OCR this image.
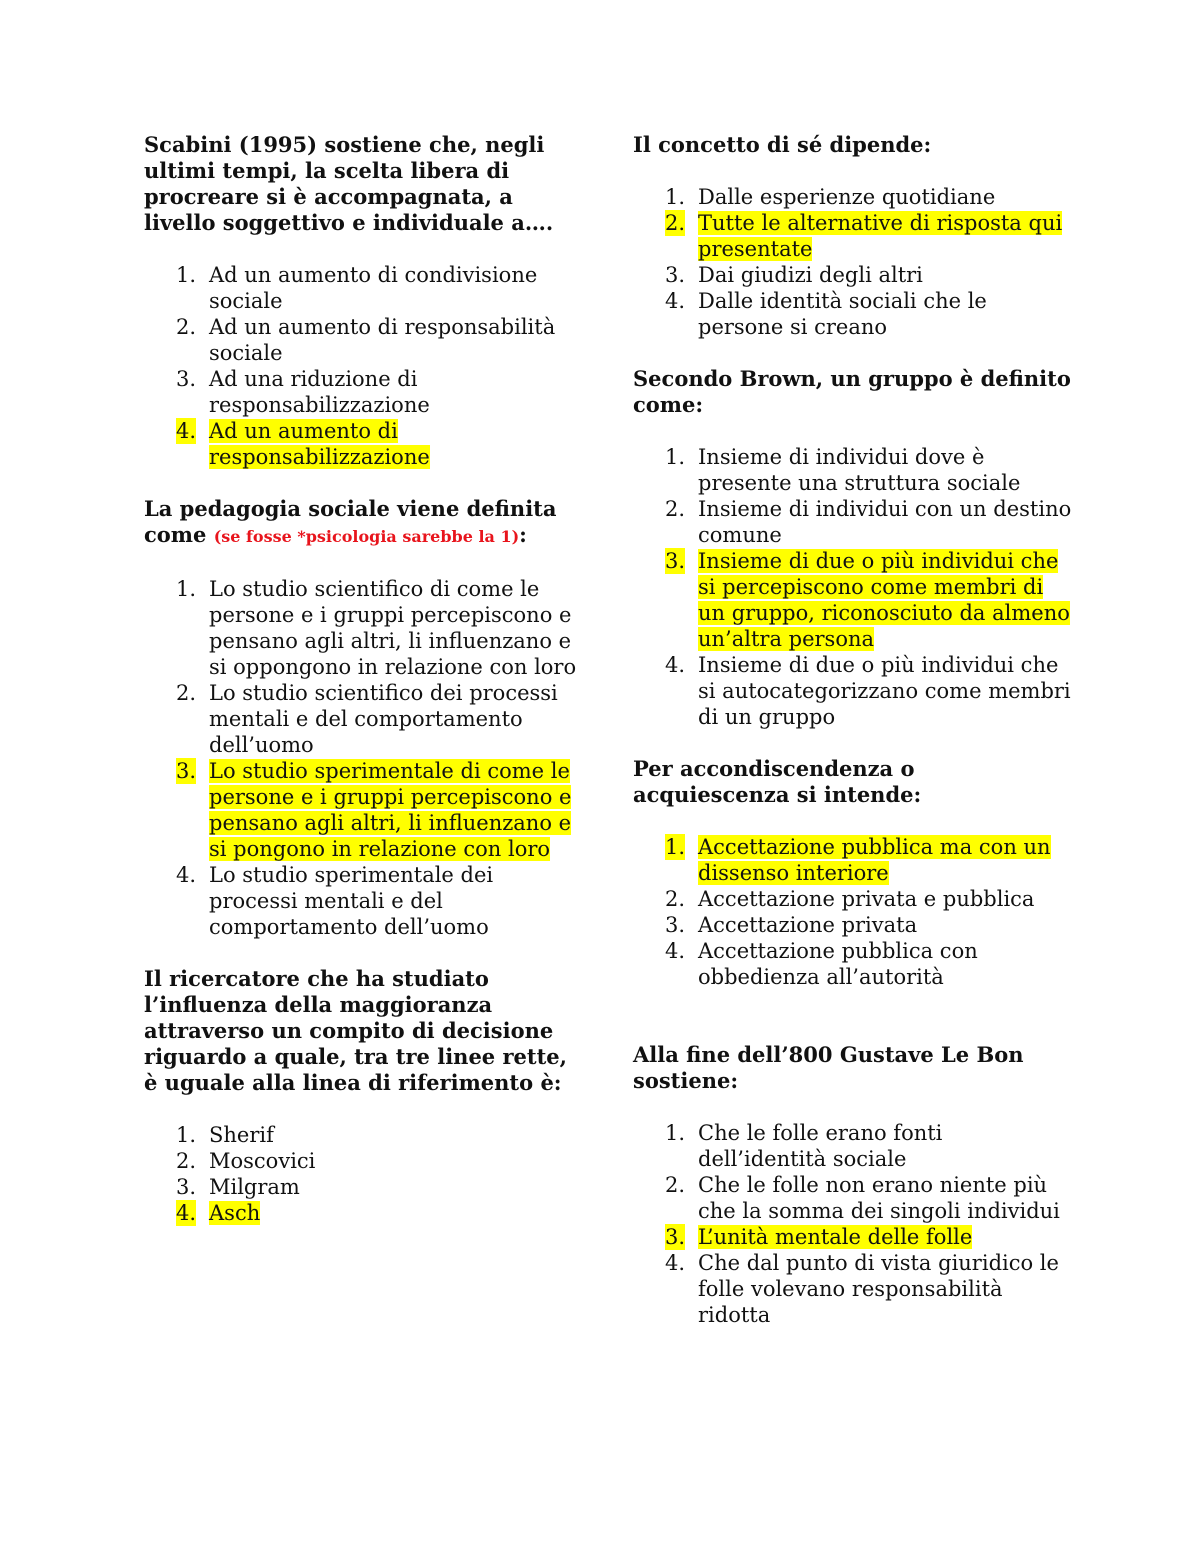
Scabini (1995) sostiene che, negli ultimi tempi, la scelta libera di procreare si è accompagnata, a livello soggettivo e individuale a….
1. Ad un aumento di condivisione sociale
2. Ad un aumento di responsabilità sociale
3. Ad una riduzione di responsabilizzazione
4. Ad un aumento di responsabilizzazione
La pedagogia sociale viene definita come (se fosse *psicologia sarebbe la 1):
1. Lo studio scientifico di come le persone e i gruppi percepiscono e pensano agli altri, li influenzano e si oppongono in relazione con loro
2. Lo studio scientifico dei processi mentali e del comportamento dell’uomo
3. Lo studio sperimentale di come le persone e i gruppi percepiscono e pensano agli altri, li influenzano e si pongono in relazione con loro
4. Lo studio sperimentale dei processi mentali e del comportamento dell’uomo
Il ricercatore che ha studiato l’influenza della maggioranza attraverso un compito di decisione riguardo a quale, tra tre linee rette, è uguale alla linea di riferimento è:
1. Sherif
2. Moscovici
3. Milgram
4. Asch
Il concetto di sé dipende:
1. Dalle esperienze quotidiane
2. Tutte le alternative di risposta qui presentate
3. Dai giudizi degli altri
4. Dalle identità sociali che le persone si creano
Secondo Brown, un gruppo è definito come:
1. Insieme di individui dove è presente una struttura sociale
2. Insieme di individui con un destino comune
3. Insieme di due o più individui che si percepiscono come membri di un gruppo, riconosciuto da almeno un’altra persona
4. Insieme di due o più individui che si autocategorizzano come membri di un gruppo
Per accondiscendenza o acquiescenza si intende:
1. Accettazione pubblica ma con un dissenso interiore
2. Accettazione privata e pubblica
3. Accettazione privata
4. Accettazione pubblica con obbedienza all’autorità
Alla fine dell’800 Gustave Le Bon sostiene:
1. Che le folle erano fonti dell’identità sociale
2. Che le folle non erano niente più che la somma dei singoli individui
3. L’unità mentale delle folle
4. Che dal punto di vista giuridico le folle volevano responsabilità ridotta
